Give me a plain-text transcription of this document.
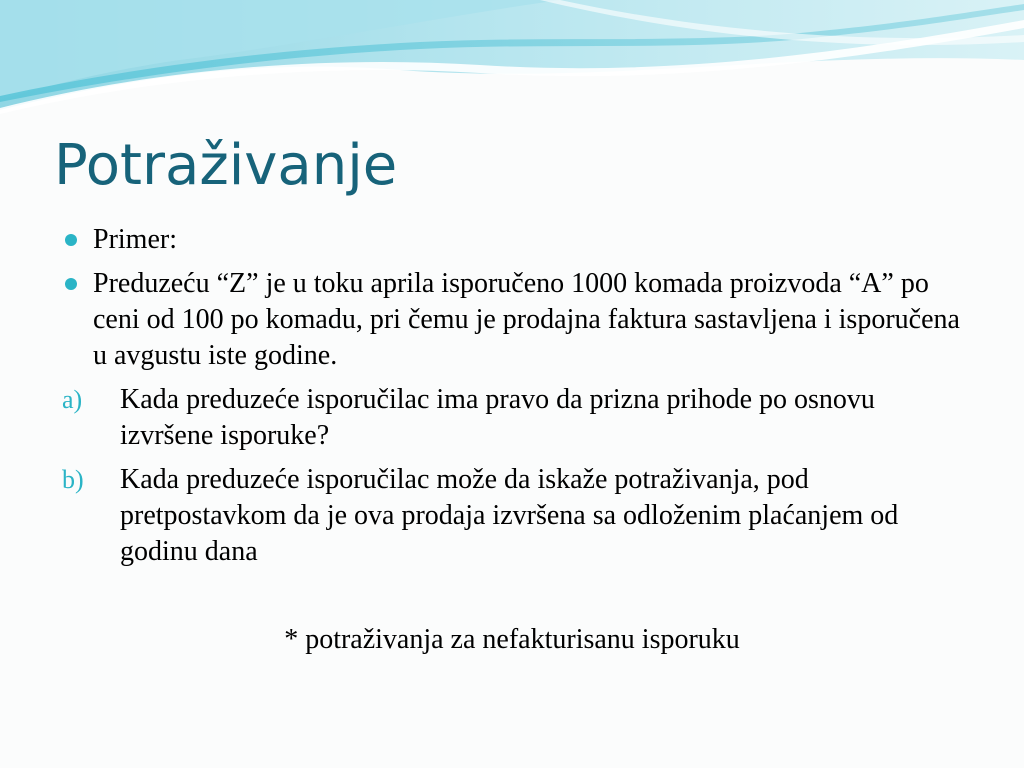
Potraživanje
Primer:
Preduzeću “Z” je u toku aprila isporučeno 1000 komada proizvoda “A” po ceni od 100 po komadu, pri čemu je prodajna faktura sastavljena i isporučena u avgustu iste godine.
a) Kada preduzeće isporučilac ima pravo da prizna prihode po osnovu izvršene isporuke?
b) Kada preduzeće isporučilac može da iskaže potraživanja, pod pretpostavkom da je ova prodaja izvršena sa odloženim plaćanjem od godinu dana
* potraživanja za nefakturisanu isporuku
